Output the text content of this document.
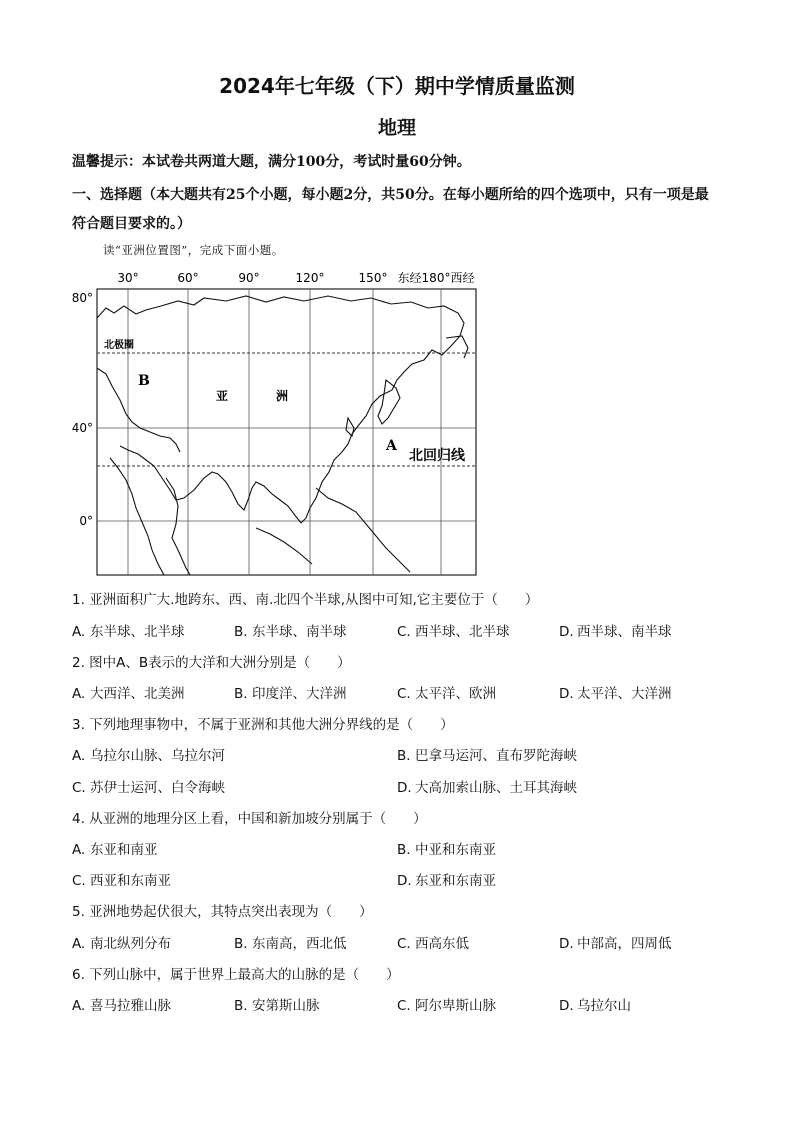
2024年七年级（下）期中学情质量监测
地理
温馨提示：本试卷共两道大题，满分100分，考试时量60分钟。
一、选择题（本大题共有25个小题，每小题2分，共50分。在每小题所给的四个选项中，只有一项是最符合题目要求的。）
读“亚洲位置图”，完成下面小题。
30°	60°	90°	120°	150° 东经180°西经
80°
40°
0°
北极圈
北回归线
B
A
亚	洲
1. 亚洲面积广大.地跨东、西、南.北四个半球,从图中可知,它主要位于（　　）
A. 东半球、北半球	B. 东半球、南半球	C. 西半球、北半球	D. 西半球、南半球
2. 图中A、B表示的大洋和大洲分别是（　　）
A. 大西洋、北美洲	B. 印度洋、大洋洲	C. 太平洋、欧洲	D. 太平洋、大洋洲
3. 下列地理事物中，不属于亚洲和其他大洲分界线的是（　　）
A. 乌拉尔山脉、乌拉尔河	B. 巴拿马运河、直布罗陀海峡
C. 苏伊士运河、白令海峡	D. 大高加索山脉、土耳其海峡
4. 从亚洲的地理分区上看，中国和新加坡分别属于（　　）
A. 东亚和南亚	B. 中亚和东南亚
C. 西亚和东南亚	D. 东亚和东南亚
5. 亚洲地势起伏很大，其特点突出表现为（　　）
A. 南北纵列分布	B. 东南高，西北低	C. 西高东低	D. 中部高，四周低
6. 下列山脉中，属于世界上最高大的山脉的是（　　）
A. 喜马拉雅山脉	B. 安第斯山脉	C. 阿尔卑斯山脉	D. 乌拉尔山
